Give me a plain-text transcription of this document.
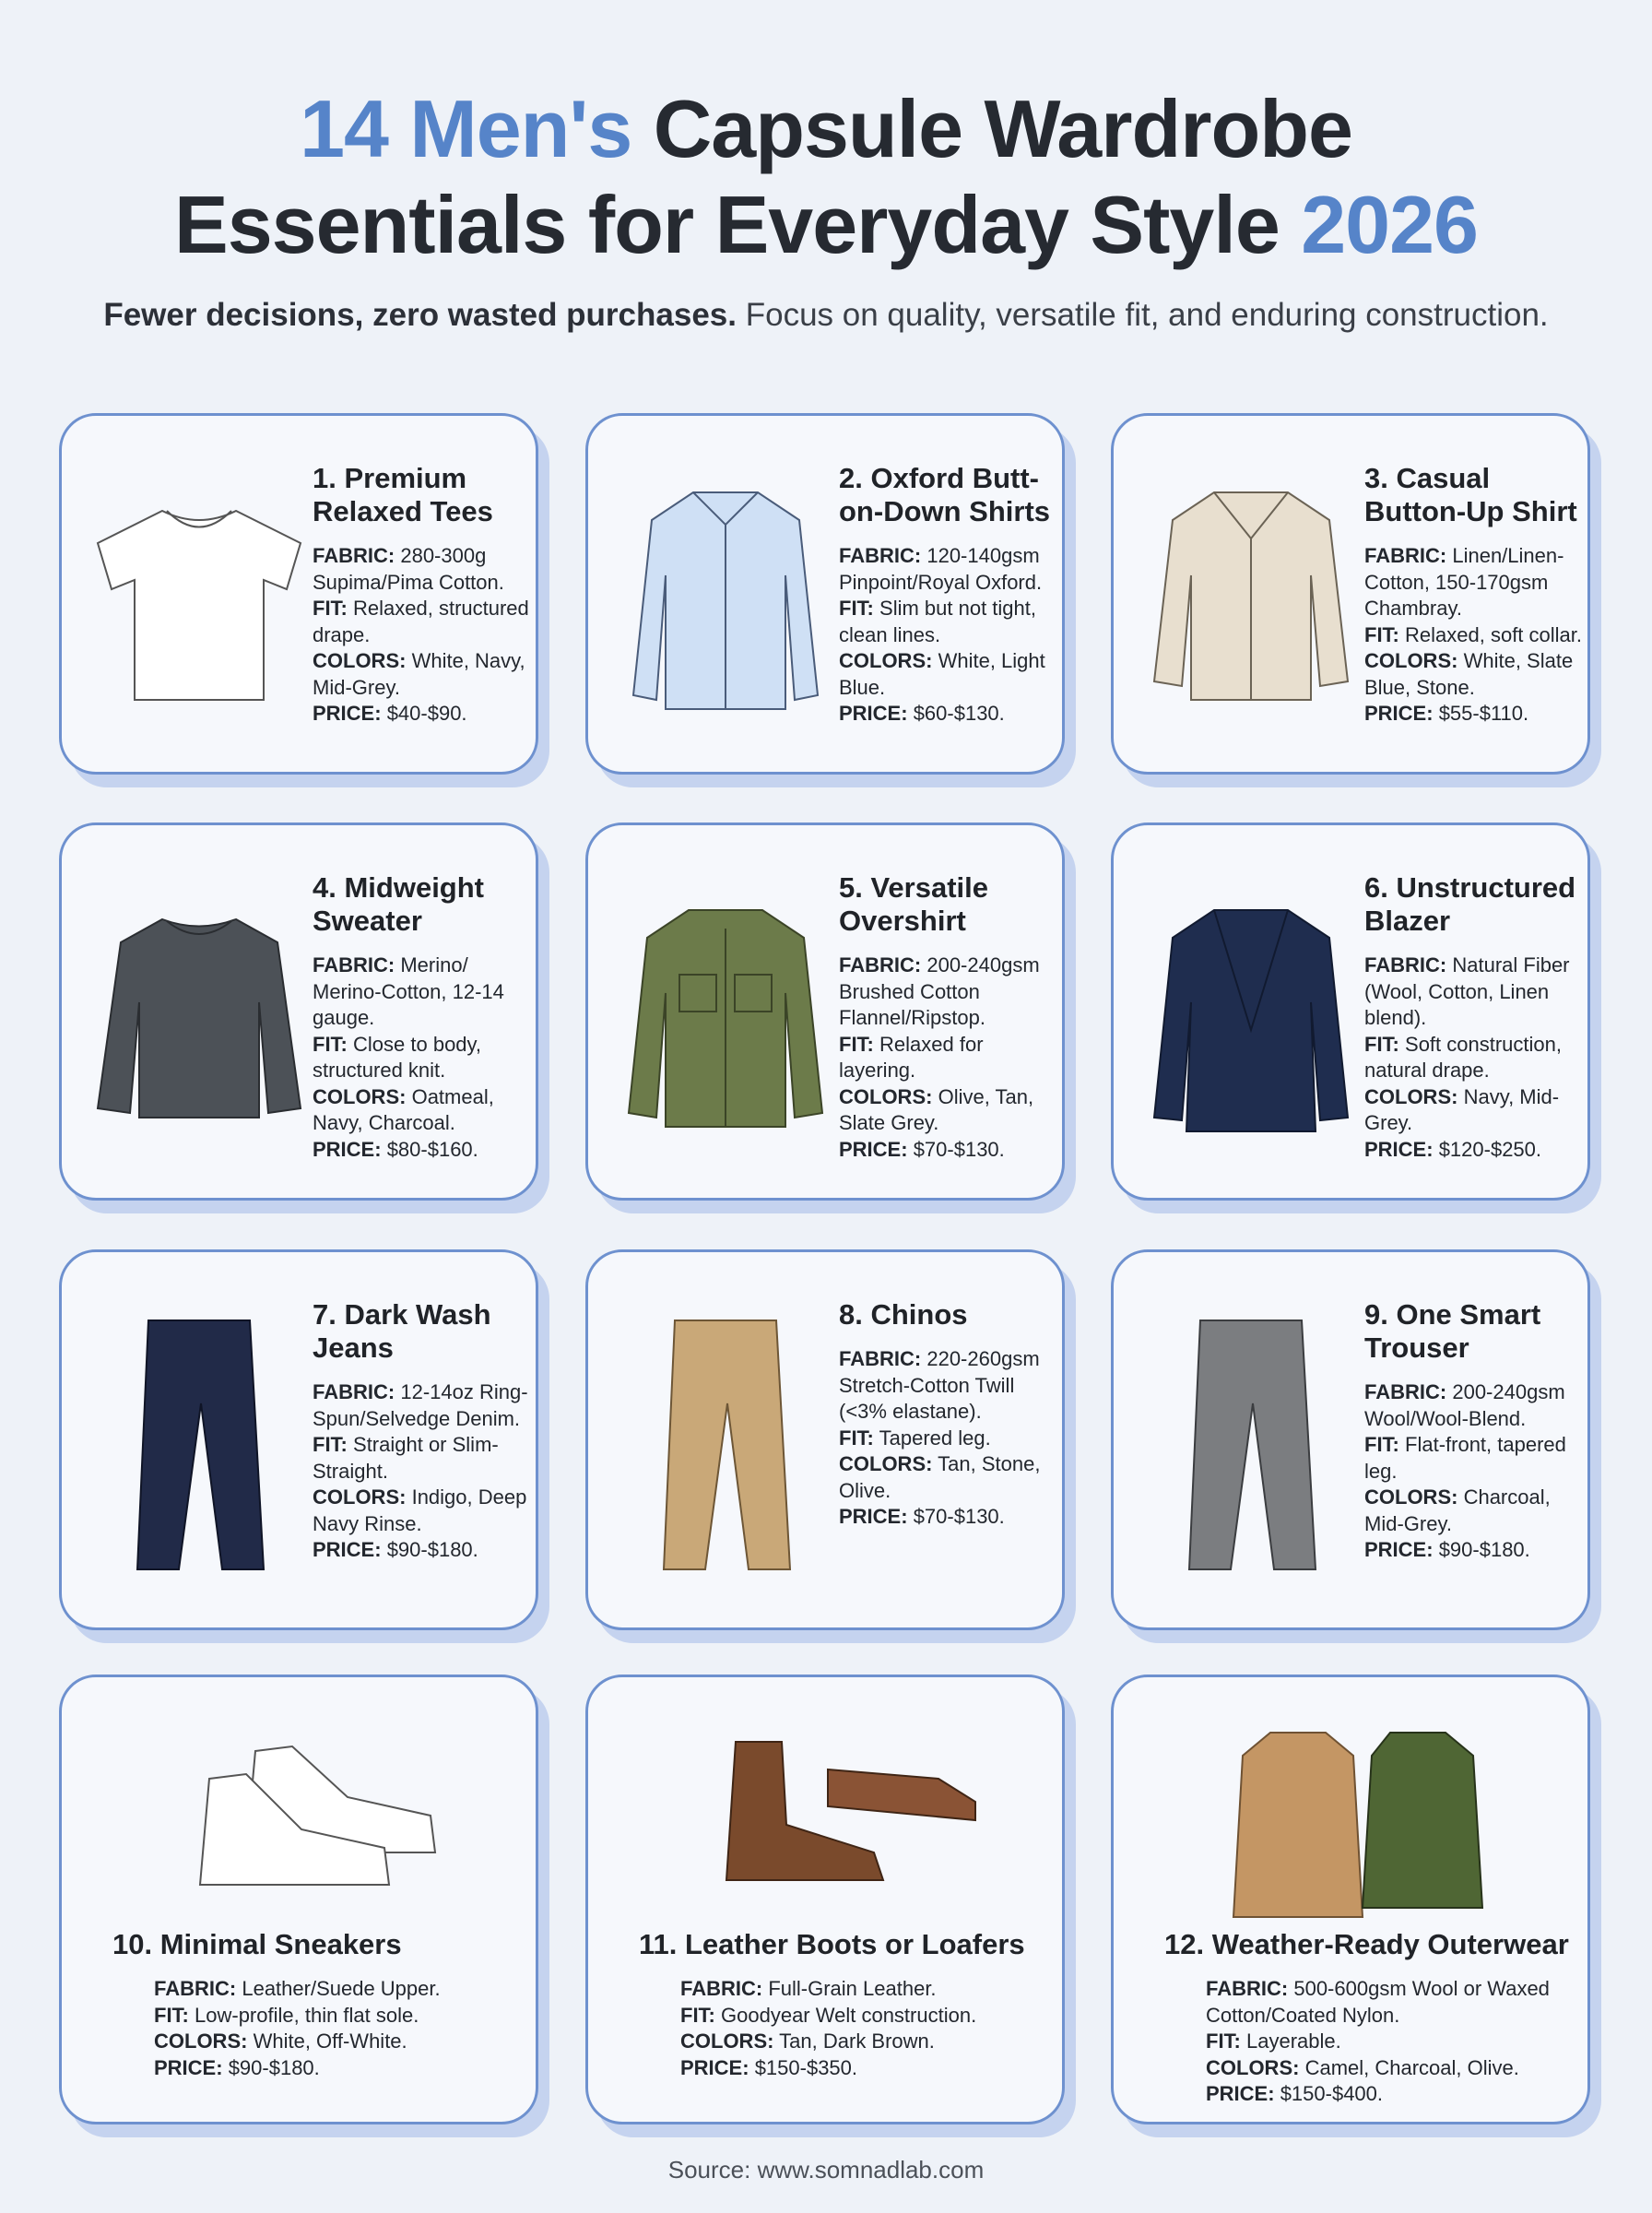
14 Men's Capsule Wardrobe
Essentials for Everyday Style 2026

Fewer decisions, zero wasted purchases. Focus on quality, versatile fit, and enduring construction.

1. Premium Relaxed Tees
FABRIC: 280-300g Supima/Pima Cotton.
FIT: Relaxed, structured drape.
COLORS: White, Navy, Mid-Grey.
PRICE: $40-$90.
2. Oxford Butt-on-Down Shirts
FABRIC: 120-140gsm Pinpoint/Royal Oxford.
FIT: Slim but not tight, clean lines.
COLORS: White, Light Blue.
PRICE: $60-$130.
3. Casual Button-Up Shirt
FABRIC: Linen/Linen-Cotton, 150-170gsm Chambray.
FIT: Relaxed, soft collar.
COLORS: White, Slate Blue, Stone.
PRICE: $55-$110.
4. Midweight Sweater
FABRIC: Merino/ Merino-Cotton, 12-14 gauge.
FIT: Close to body, structured knit.
COLORS: Oatmeal, Navy, Charcoal.
PRICE: $80-$160.
5. Versatile Overshirt
FABRIC: 200-240gsm Brushed Cotton Flannel/Ripstop.
FIT: Relaxed for layering.
COLORS: Olive, Tan, Slate Grey.
PRICE: $70-$130.
6. Unstructured Blazer
FABRIC: Natural Fiber (Wool, Cotton, Linen blend).
FIT: Soft construction, natural drape.
COLORS: Navy, Mid-Grey.
PRICE: $120-$250.
7. Dark Wash Jeans
FABRIC: 12-14oz Ring-Spun/Selvedge Denim.
FIT: Straight or Slim-Straight.
COLORS: Indigo, Deep Navy Rinse.
PRICE: $90-$180.
8. Chinos
FABRIC: 220-260gsm Stretch-Cotton Twill (<3% elastane).
FIT: Tapered leg.
COLORS: Tan, Stone, Olive.
PRICE: $70-$130.
9. One Smart Trouser
FABRIC: 200-240gsm Wool/Wool-Blend.
FIT: Flat-front, tapered leg.
COLORS: Charcoal, Mid-Grey.
PRICE: $90-$180.
10. Minimal Sneakers
FABRIC: Leather/Suede Upper.
FIT: Low-profile, thin flat sole.
COLORS: White, Off-White.
PRICE: $90-$180.
11. Leather Boots or Loafers
FABRIC: Full-Grain Leather.
FIT: Goodyear Welt construction.
COLORS: Tan, Dark Brown.
PRICE: $150-$350.
12. Weather-Ready Outerwear
FABRIC: 500-600gsm Wool or Waxed Cotton/Coated Nylon.
FIT: Layerable.
COLORS: Camel, Charcoal, Olive.
PRICE: $150-$400.
Source: www.somnadlab.com
